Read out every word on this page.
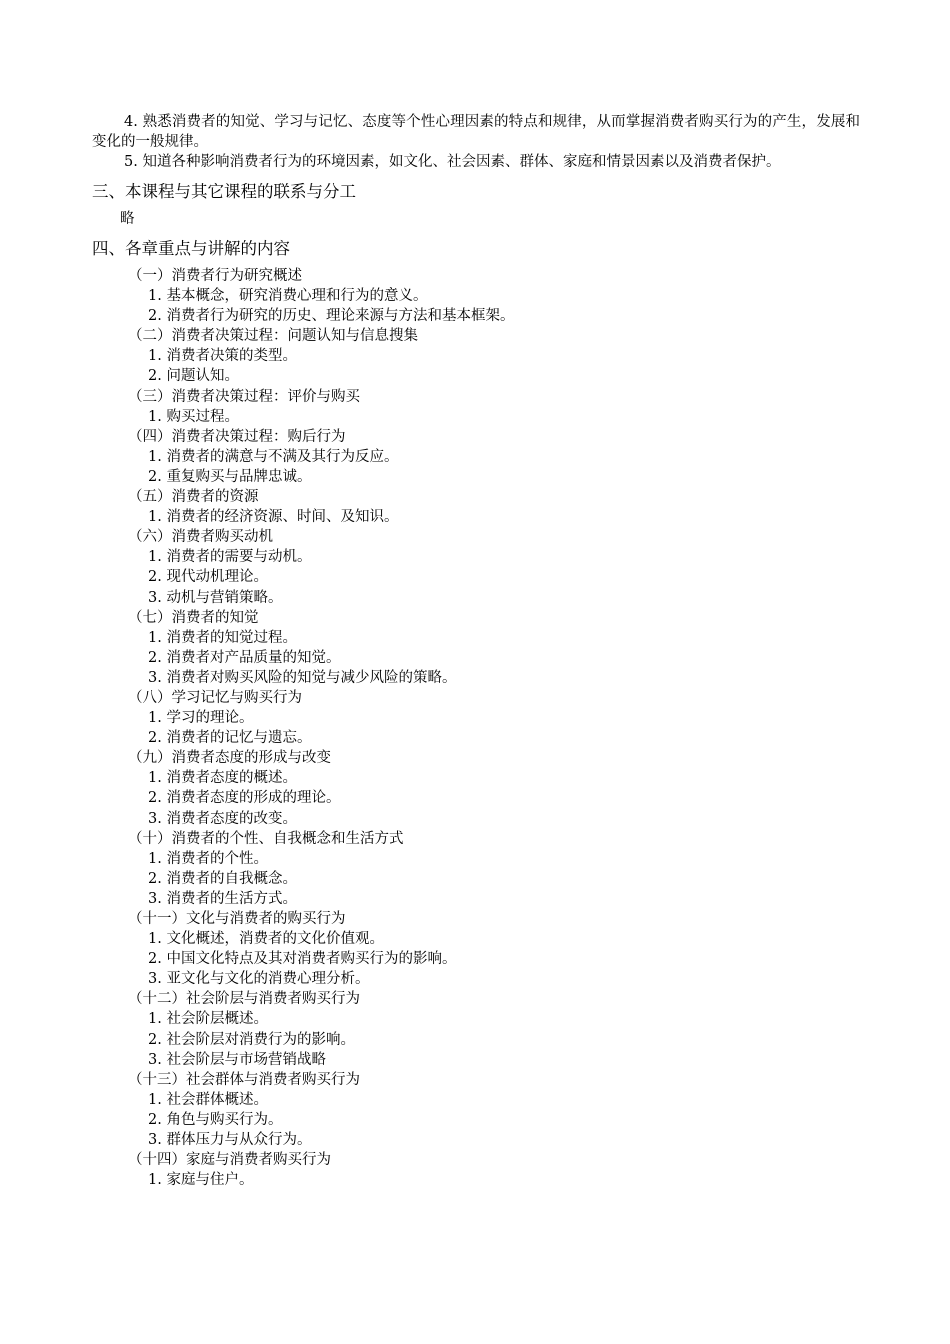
4. 熟悉消费者的知觉、学习与记忆、态度等个性心理因素的特点和规律，从而掌握消费者购买行为的产生，发展和变化的一般规律。

5. 知道各种影响消费者行为的环境因素，如文化、社会因素、群体、家庭和情景因素以及消费者保护。

三、本课程与其它课程的联系与分工

略

四、各章重点与讲解的内容
（一）消费者行为研究概述
1. 基本概念，研究消费心理和行为的意义。
2. 消费者行为研究的历史、理论来源与方法和基本框架。
（二）消费者决策过程：问题认知与信息搜集
1. 消费者决策的类型。
2. 问题认知。
（三）消费者决策过程：评价与购买
1. 购买过程。
（四）消费者决策过程：购后行为
1. 消费者的满意与不满及其行为反应。
2. 重复购买与品牌忠诚。
（五）消费者的资源
1. 消费者的经济资源、时间、及知识。
（六）消费者购买动机
1. 消费者的需要与动机。
2. 现代动机理论。
3. 动机与营销策略。
（七）消费者的知觉
1. 消费者的知觉过程。
2. 消费者对产品质量的知觉。
3. 消费者对购买风险的知觉与减少风险的策略。
（八）学习记忆与购买行为
1. 学习的理论。
2. 消费者的记忆与遗忘。
（九）消费者态度的形成与改变
1. 消费者态度的概述。
2. 消费者态度的形成的理论。
3. 消费者态度的改变。
（十）消费者的个性、自我概念和生活方式
1. 消费者的个性。
2. 消费者的自我概念。
3. 消费者的生活方式。
（十一）文化与消费者的购买行为
1. 文化概述，消费者的文化价值观。
2. 中国文化特点及其对消费者购买行为的影响。
3. 亚文化与文化的消费心理分析。
（十二）社会阶层与消费者购买行为
1. 社会阶层概述。
2. 社会阶层对消费行为的影响。
3. 社会阶层与市场营销战略
（十三）社会群体与消费者购买行为
1. 社会群体概述。
2. 角色与购买行为。
3. 群体压力与从众行为。
（十四）家庭与消费者购买行为
1. 家庭与住户。
